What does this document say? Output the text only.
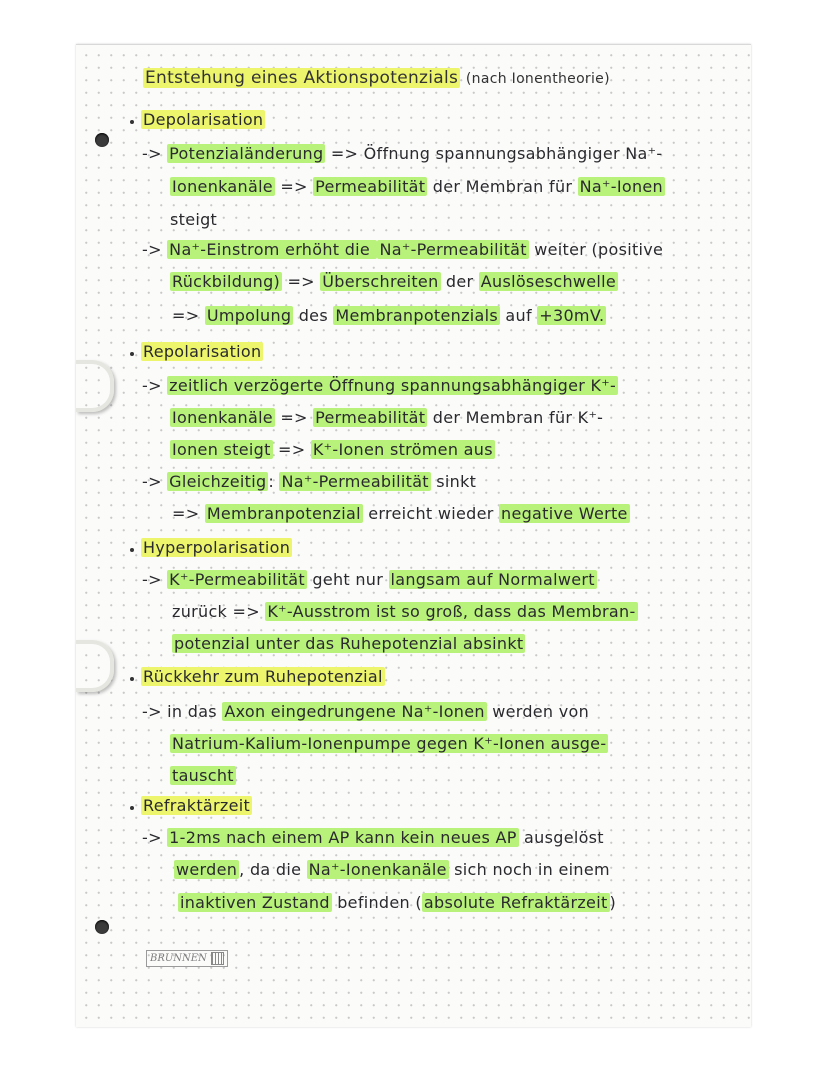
Entstehung eines Aktionspotenzials (nach Ionentheorie)
Depolarisation
-> Potenzialänderung => Öffnung spannungsabhängiger Na⁺-
Ionenkanäle => Permeabilität der Membran für Na⁺-Ionen
steigt
-> Na⁺-Einstrom erhöht die Na⁺-Permeabilität weiter (positive
Rückbildung) => Überschreiten der Auslöseschwelle
=> Umpolung des Membranpotenzials auf +30mV.
Repolarisation
-> zeitlich verzögerte Öffnung spannungsabhängiger K⁺-
Ionenkanäle => Permeabilität der Membran für K⁺-
Ionen steigt => K⁺-Ionen strömen aus
-> Gleichzeitig : Na⁺-Permeabilität sinkt
=> Membranpotenzial erreicht wieder negative Werte
Hyperpolarisation
-> K⁺-Permeabilität geht nur langsam auf Normalwert
zurück => K⁺-Ausstrom ist so groß, dass das Membran-
potenzial unter das Ruhepotenzial absinkt
Rückkehr zum Ruhepotenzial
-> in das Axon eingedrungene Na⁺-Ionen werden von
Natrium-Kalium-Ionenpumpe gegen K⁺-Ionen ausge-
tauscht
Refraktärzeit
-> 1-2ms nach einem AP kann kein neues AP ausgelöst
werden , da die Na⁺-Ionenkanäle sich noch in einem
inaktiven Zustand befinden ( absolute Refraktärzeit )
BRUNNEN
